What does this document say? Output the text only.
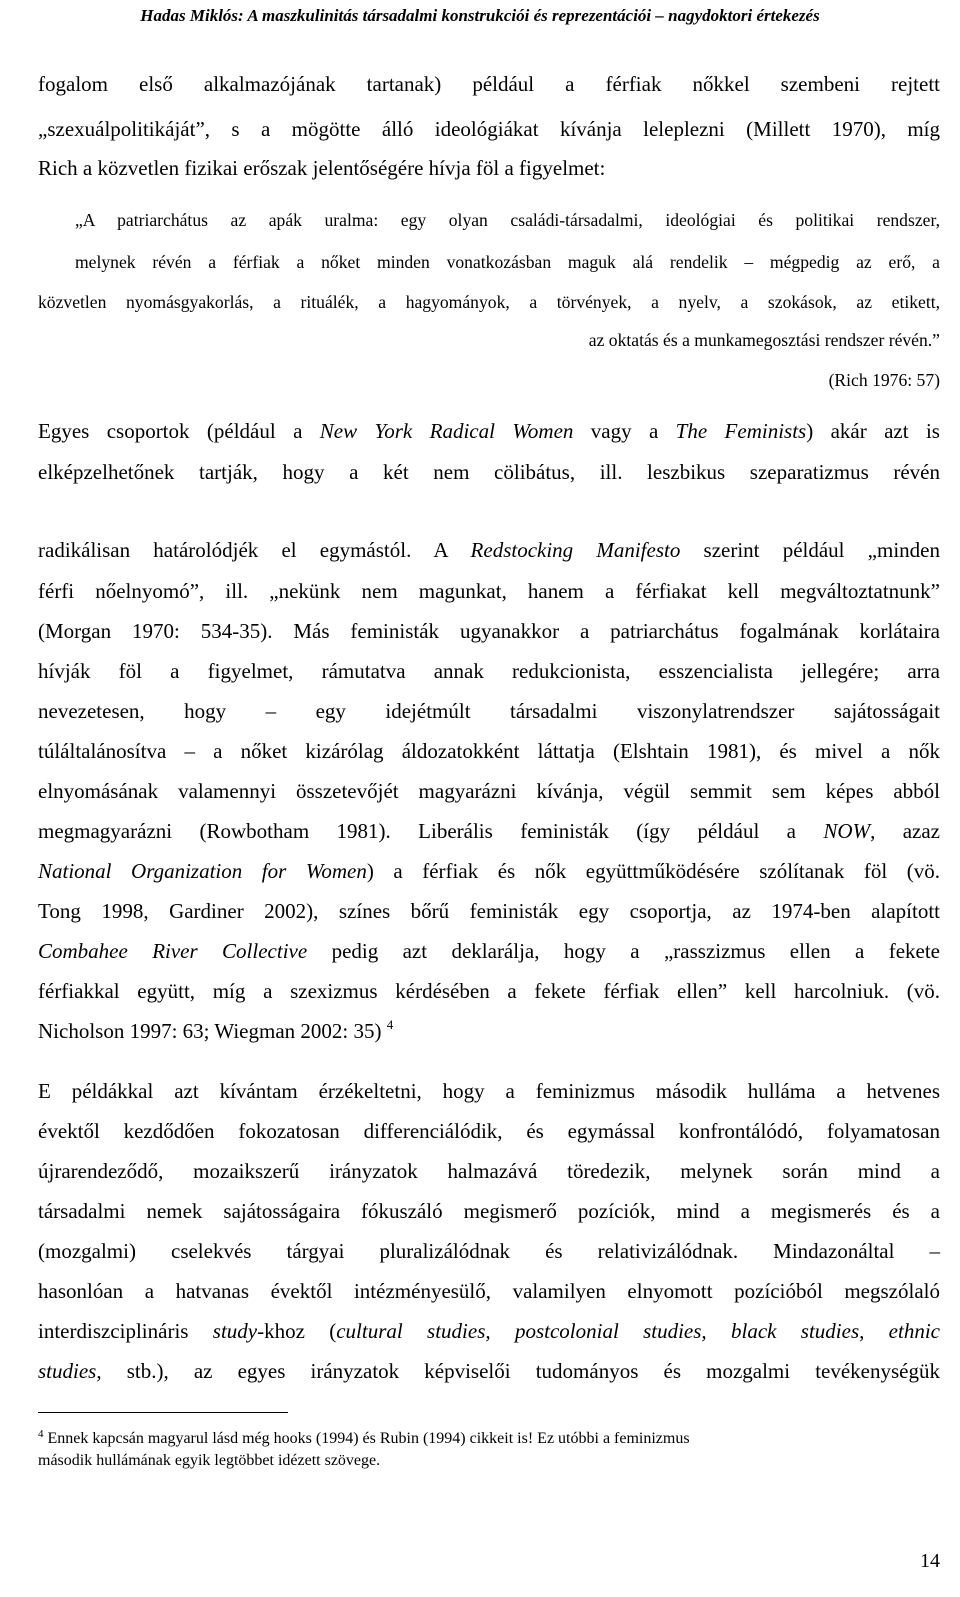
Hadas Miklós: A maszkulinitás társadalmi konstrukciói és reprezentációi – nagydoktori értekezés
fogalom első alkalmazójának tartanak) például a férfiak nőkkel szembeni rejtett
„szexuálpolitikáját”, s a mögötte álló ideológiákat kívánja leleplezni (Millett 1970), míg
Rich a közvetlen fizikai erőszak jelentőségére hívja föl a figyelmet:
„A patriarchátus az apák uralma: egy olyan családi-társadalmi, ideológiai és politikai rendszer,
melynek révén a férfiak a nőket minden vonatkozásban maguk alá rendelik – mégpedig az erő, a
közvetlen nyomásgyakorlás, a rituálék, a hagyományok, a törvények, a nyelv, a szokások, az etikett,
az oktatás és a munkamegosztási rendszer révén.”
(Rich 1976: 57)
Egyes csoportok (például a New York Radical Women vagy a The Feminists) akár azt is
elképzelhetőnek tartják, hogy a két nem cölibátus, ill. leszbikus szeparatizmus révén
radikálisan határolódjék el egymástól. A Redstocking Manifesto szerint például „minden
férfi nőelnyomó”, ill. „nekünk nem magunkat, hanem a férfiakat kell megváltoztatnunk”
(Morgan 1970: 534-35). Más feministák ugyanakkor a patriarchátus fogalmának korlátaira
hívják föl a figyelmet, rámutatva annak redukcionista, esszencialista jellegére; arra
nevezetesen, hogy – egy idejétmúlt társadalmi viszonylatrendszer sajátosságait
túláltalánosítva – a nőket kizárólag áldozatokként láttatja (Elshtain 1981), és mivel a nők
elnyomásának valamennyi összetevőjét magyarázni kívánja, végül semmit sem képes abból
megmagyarázni (Rowbotham 1981). Liberális feministák (így például a NOW, azaz
National Organization for Women) a férfiak és nők együttműködésére szólítanak föl (vö.
Tong 1998, Gardiner 2002), színes bőrű feministák egy csoportja, az 1974-ben alapított
Combahee River Collective pedig azt deklarálja, hogy a „rasszizmus ellen a fekete
férfiakkal együtt, míg a szexizmus kérdésében a fekete férfiak ellen” kell harcolniuk. (vö.
Nicholson 1997: 63; Wiegman 2002: 35) $^4$
E példákkal azt kívántam érzékeltetni, hogy a feminizmus második hulláma a hetvenes
évektől kezdődően fokozatosan differenciálódik, és egymással konfrontálódó, folyamatosan
újrarendeződő, mozaikszerű irányzatok halmazává töredezik, melynek során mind a
társadalmi nemek sajátosságaira fókuszáló megismerő pozíciók, mind a megismerés és a
(mozgalmi) cselekvés tárgyai pluralizálódnak és relativizálódnak. Mindazonáltal –
hasonlóan a hatvanas évektől intézményesülő, valamilyen elnyomott pozícióból megszólaló
interdiszciplináris study-khoz (cultural studies, postcolonial studies, black studies, ethnic
studies, stb.), az egyes irányzatok képviselői tudományos és mozgalmi tevékenységük
$^4$ Ennek kapcsán magyarul lásd még hooks (1994) és Rubin (1994) cikkeit is! Ez utóbbi a feminizmus
második hullámának egyik legtöbbet idézett szövege.
14
